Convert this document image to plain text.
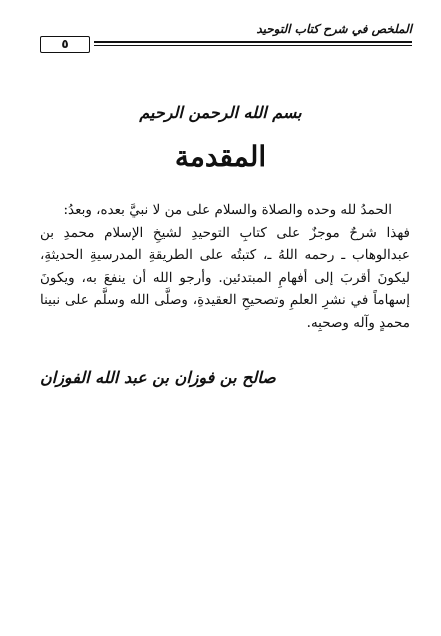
الملخص في شرح كتاب التوحيد
٥
بسم الله الرحمن الرحيم
المقدمة

الحمدُ لله وحده والصلاة والسلام على من لا نبيَّ بعده، وبعدُ:

فهذا شرحٌ موجزٌ على كتابِ التوحيدِ لشيخِ الإسلام محمدِ بن عبدالوهاب ـ رحمه اللهُ ـ، كتبتُه على الطريقةِ المدرسيةِ الحديثةِ، ليكونَ أقربَ إلى أفهامِ المبتدئين. وأرجو الله أن ينفعَ به، ويكونَ إسهاماً في نشرِ العلمِ وتصحيحِ العقيدةِ، وصلَّى الله وسلَّم على نبينا محمدٍ وآله وصحبِه.

صالح بن فوزان بن عبد الله الفوزان
